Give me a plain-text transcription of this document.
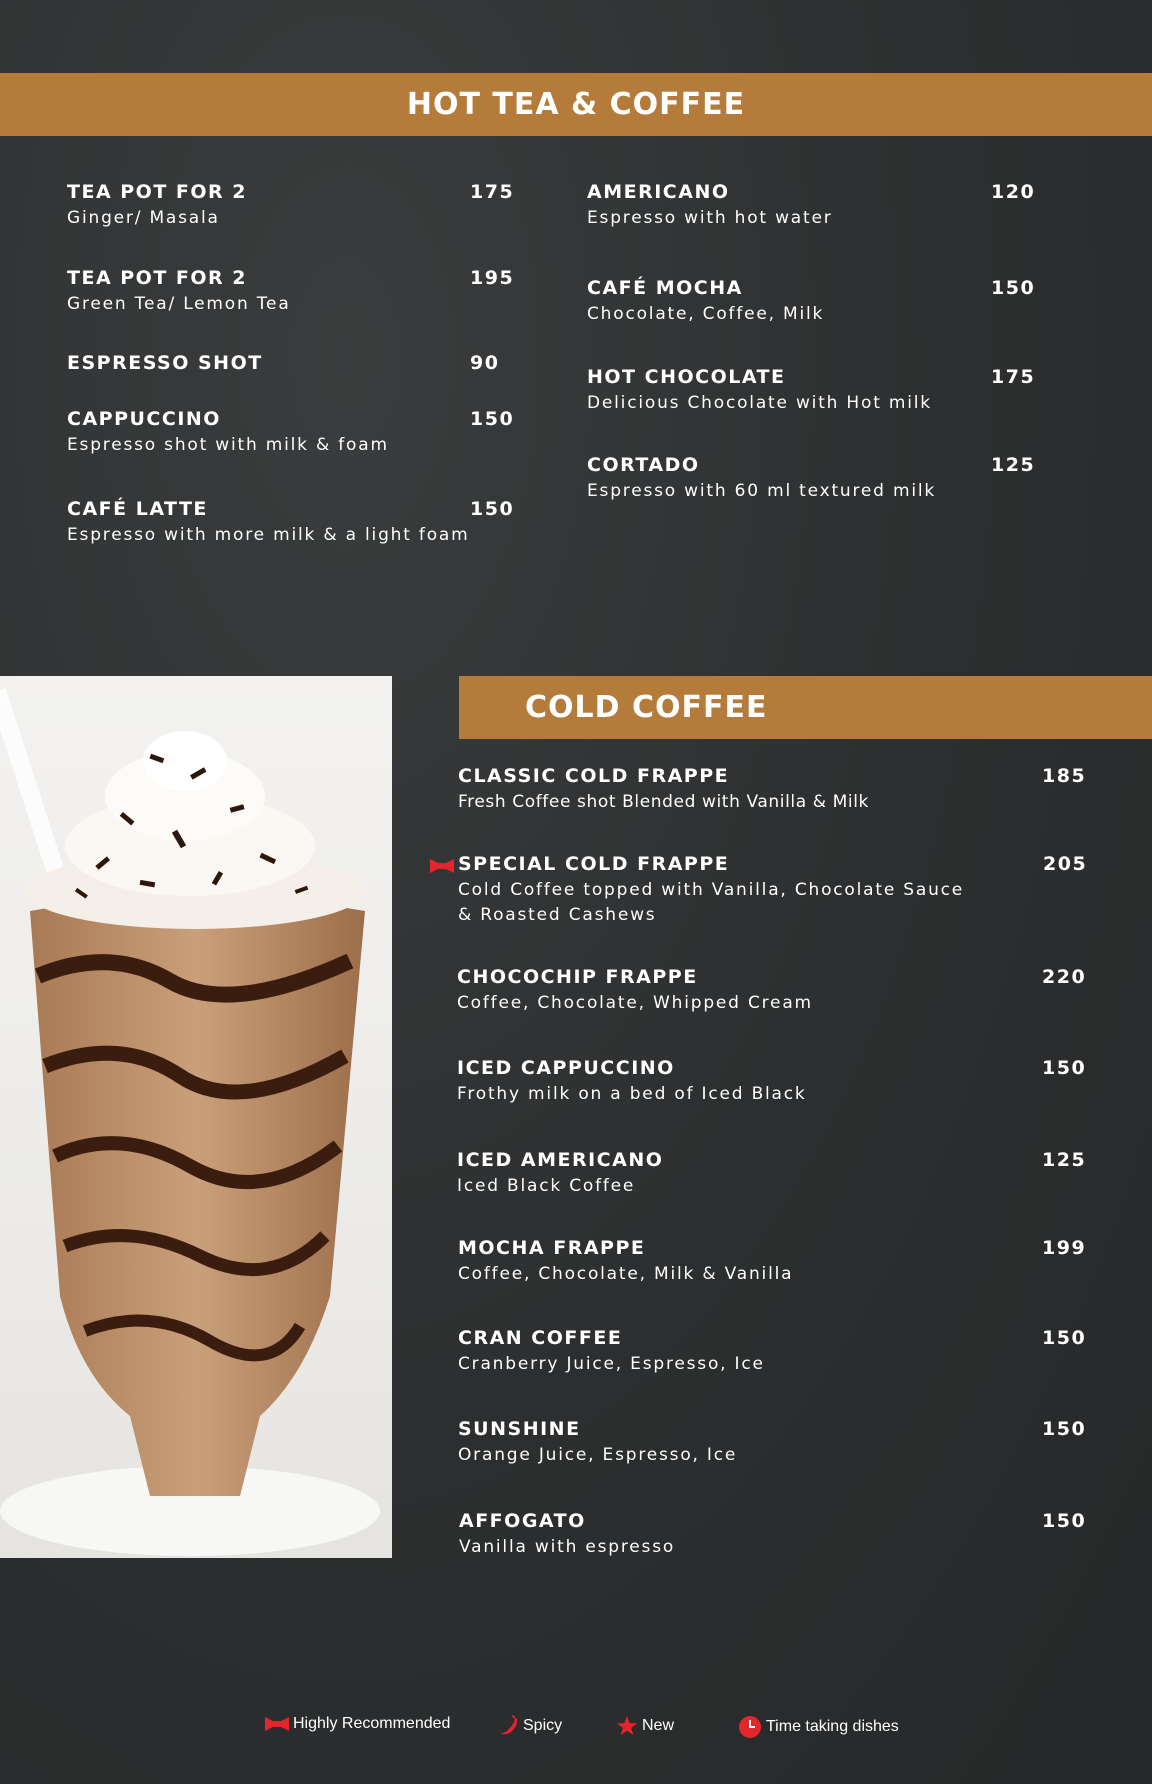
HOT TEA & COFFEE
TEA POT FOR 2
Ginger/ Masala
175
TEA POT FOR 2
Green Tea/ Lemon Tea
195
ESPRESSO SHOT	90
CAPPUCCINO
Espresso shot with milk & foam
150
CAFÉ LATTE
Espresso with more milk & a light foam
150
AMERICANO
Espresso with hot water
120
CAFÉ MOCHA
Chocolate, Coffee, Milk
150
HOT CHOCOLATE
Delicious Chocolate with Hot milk
175
CORTADO
Espresso with 60 ml textured milk
125
COLD COFFEE
CLASSIC COLD FRAPPE
Fresh Coffee shot Blended with Vanilla & Milk
185
SPECIAL COLD FRAPPE
Cold Coffee topped with Vanilla, Chocolate Sauce
& Roasted Cashews
205
CHOCOCHIP FRAPPE
Coffee, Chocolate, Whipped Cream
220
ICED CAPPUCCINO
Frothy milk on a bed of Iced Black
150
ICED AMERICANO
Iced Black Coffee
125
MOCHA FRAPPE
Coffee, Chocolate, Milk & Vanilla
199
CRAN COFFEE
Cranberry Juice, Espresso, Ice
150
SUNSHINE
Orange Juice, Espresso, Ice
150
AFFOGATO
Vanilla with espresso
150
Highly Recommended	Spicy	New	Time taking dishes
